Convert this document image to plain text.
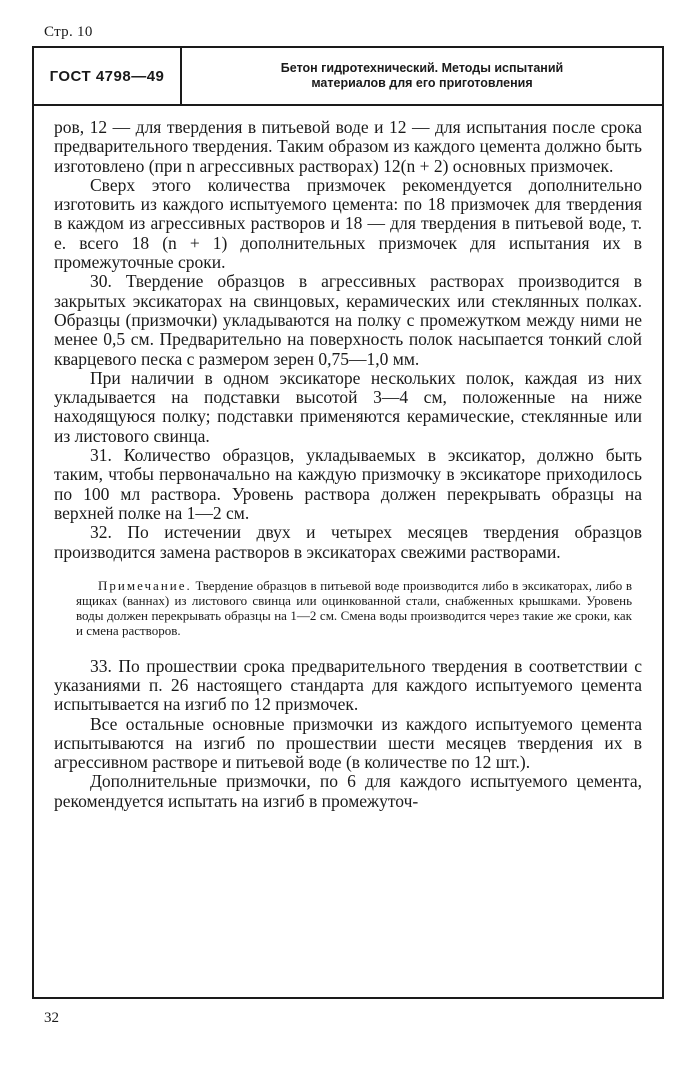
Стр. 10
ГОСТ 4798—49	Бетон гидротехнический. Методы испытаний
материалов для его приготовления

ров, 12 — для твердения в питьевой воде и 12 — для испытания после срока предварительного твердения. Таким образом из каждого цемента должно быть изготовлено (при n агрессивных растворах) 12(n + 2) основных призмочек.

Сверх этого количества призмочек рекомендуется дополнительно изготовить из каждого испытуемого цемента: по 18 призмочек для твердения в каждом из агрессивных растворов и 18 — для твердения в питьевой воде, т. е. всего 18 (n + 1) дополнительных призмочек для испытания их в промежуточные сроки.

30. Твердение образцов в агрессивных растворах производится в закрытых эксикаторах на свинцовых, керамических или стеклянных полках. Образцы (призмочки) укладываются на полку с промежутком между ними не менее 0,5 см. Предварительно на поверхность полок насыпается тонкий слой кварцевого песка с размером зерен 0,75—1,0 мм.

При наличии в одном эксикаторе нескольких полок, каждая из них укладывается на подставки высотой 3—4 см, положенные на ниже находящуюся полку; подставки применяются керамические, стеклянные или из листового свинца.

31. Количество образцов, укладываемых в эксикатор, должно быть таким, чтобы первоначально на каждую призмочку в эксикаторе приходилось по 100 мл раствора. Уровень раствора должен перекрывать образцы на верхней полке на 1—2 см.

32. По истечении двух и четырех месяцев твердения образцов производится замена растворов в эксикаторах свежими растворами.

Примечание. Твердение образцов в питьевой воде производится либо в эксикаторах, либо в ящиках (ваннах) из листового свинца или оцинкованной стали, снабженных крышками. Уровень воды должен перекрывать образцы на 1—2 см. Смена воды производится через такие же сроки, как и смена растворов.

33. По прошествии срока предварительного твердения в соответствии с указаниями п. 26 настоящего стандарта для каждого испытуемого цемента испытывается на изгиб по 12 призмочек.

Все остальные основные призмочки из каждого испытуемого цемента испытываются на изгиб по прошествии шести месяцев твердения их в агрессивном растворе и питьевой воде (в количестве по 12 шт.).

Дополнительные призмочки, по 6 для каждого испытуемого цемента, рекомендуется испытать на изгиб в промежуточ-

32
